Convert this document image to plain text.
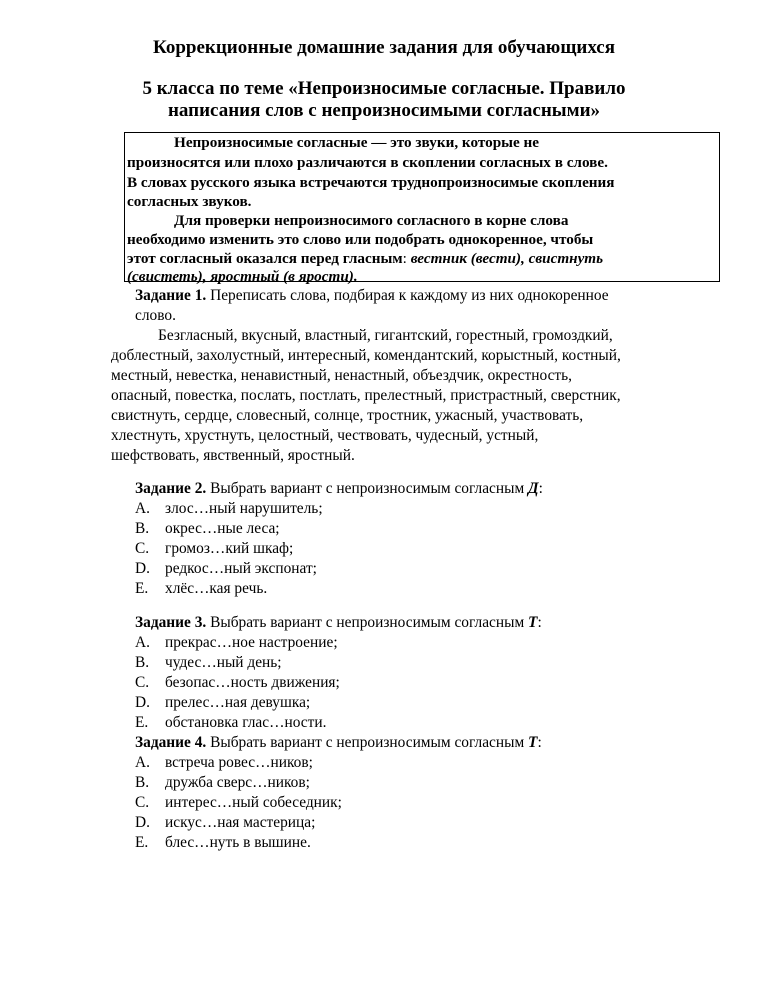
Коррекционные домашние задания для обучающихся
5 класса по теме «Непроизносимые согласные. Правило
написания слов с непроизносимыми согласными»
Непроизносимые согласные — это звуки, которые не
произносятся или плохо различаются в скоплении согласных в слове.
В словах русского языка встречаются труднопроизносимые скопления
согласных звуков.
Для проверки непроизносимого согласного в корне слова
необходимо изменить это слово или подобрать однокоренное, чтобы
этот согласный оказался перед гласным: вестник (вести), свистнуть
(свистеть), яростный (в ярости).
Задание 1. Переписать слова, подбирая к каждому из них однокоренное
слово.
Безгласный, вкусный, властный, гигантский, горестный, громоздкий,
доблестный, захолустный, интересный, комендантский, корыстный, костный,
местный, невестка, ненавистный, ненастный, объездчик, окрестность,
опасный, повестка, послать, постлать, прелестный, пристрастный, сверстник,
свистнуть, сердце, словесный, солнце, тростник, ужасный, участвовать,
хлестнуть, хрустнуть, целостный, чествовать, чудесный, устный,
шефствовать, явственный, яростный.
Задание 2. Выбрать вариант с непроизносимым согласным Д:
A. злос…ный нарушитель;
B. окрес…ные леса;
C. громоз…кий шкаф;
D. редкос…ный экспонат;
E. хлёс…кая речь.
Задание 3. Выбрать вариант с непроизносимым согласным Т:
A. прекрас…ное настроение;
B. чудес…ный день;
C. безопас…ность движения;
D. прелес…ная девушка;
E. обстановка глас…ности.
Задание 4. Выбрать вариант с непроизносимым согласным Т:
A. встреча ровес…ников;
B. дружба сверс…ников;
C. интерес…ный собеседник;
D. искус…ная мастерица;
E. блес…нуть в вышине.
